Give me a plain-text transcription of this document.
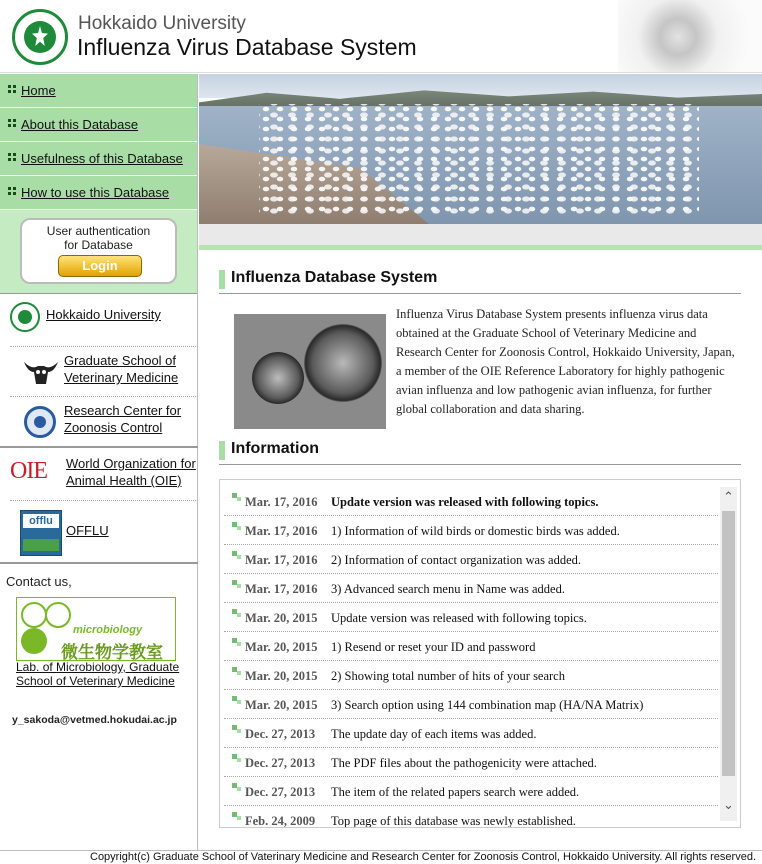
Hokkaido University
Influenza Virus Database System
Home
About this Database
Usefulness of this Database
How to use this Database
User authentication
for Database
Login
Hokkaido University
Graduate School of
Veterinary Medicine
Research Center for
Zoonosis Control
OIE	World Organization for
Animal Health (OIE)
offlu
OFFLU
Contact us,
microbiology
微生物学教室
Lab. of Microbiology, Graduate
School of Veterinary Medicine
y_sakoda@vetmed.hokudai.ac.jp
Influenza Database System
Influenza Virus Database System presents influenza virus data obtained at the Graduate School of Veterinary Medicine and Research Center for Zoonosis Control, Hokkaido University, Japan, a member of the OIE Reference Laboratory for highly pathogenic avian influenza and low pathogenic avian influenza, for further global collaboration and data sharing.
Information
Mar. 17, 2016 Update version was released with following topics.
Mar. 17, 2016 1) Information of wild birds or domestic birds was added.
Mar. 17, 2016 2) Information of contact organization was added.
Mar. 17, 2016 3) Advanced search menu in Name was added.
Mar. 20, 2015 Update version was released with following topics.
Mar. 20, 2015 1) Resend or reset your ID and password
Mar. 20, 2015 2) Showing total number of hits of your search
Mar. 20, 2015 3) Search option using 144 combination map (HA/NA Matrix)
Dec. 27, 2013 The update day of each items was added.
Dec. 27, 2013 The PDF files about the pathogenicity were attached.
Dec. 27, 2013 The item of the related papers search were added.
Feb. 24, 2009 Top page of this database was newly established.
⌃
⌄
Copyright(c) Graduate School of Vaterinary Medicine and Research Center for Zoonosis Control, Hokkaido University. All rights reserved.
